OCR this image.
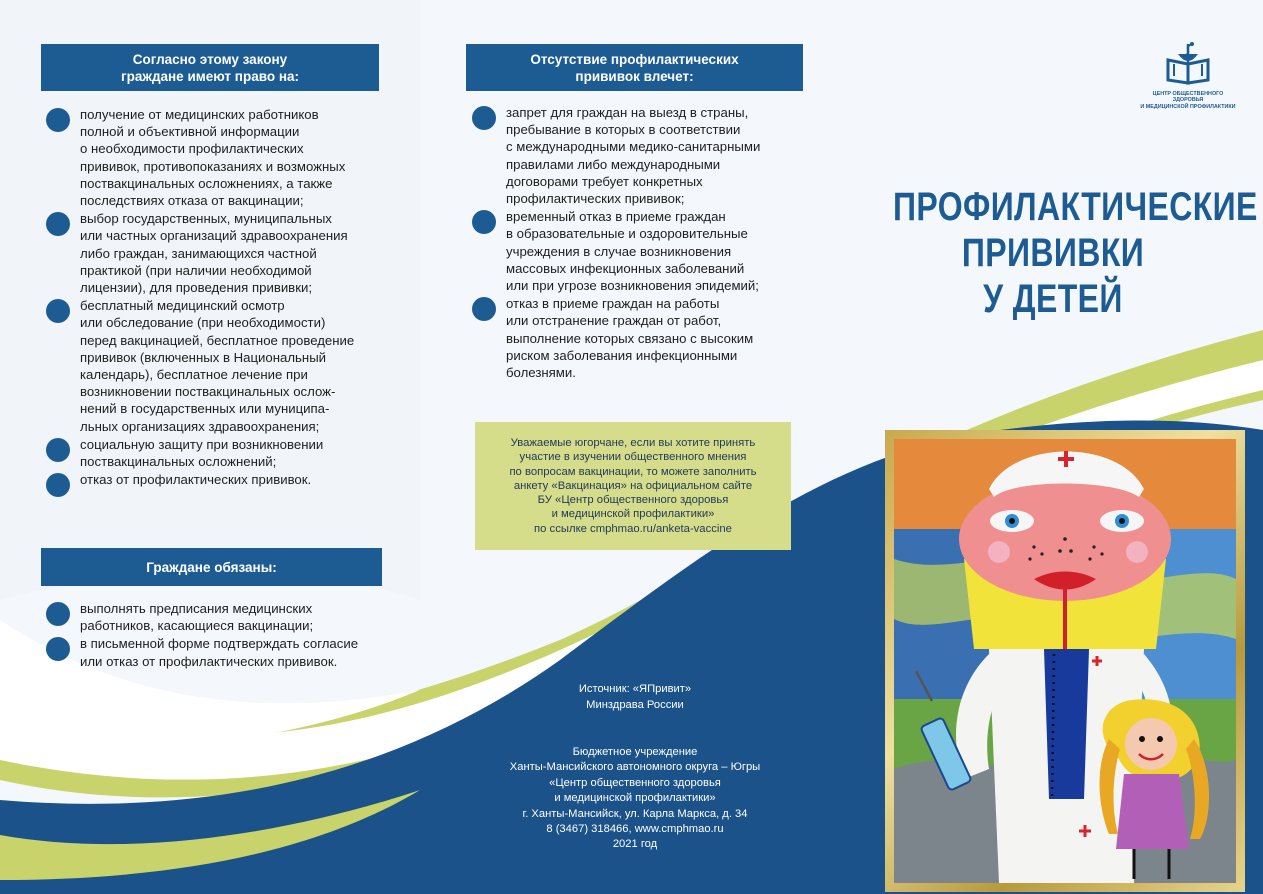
Согласно этому закону
граждане имеют право на:
получение от медицинских работников
полной и объективной информации
о необходимости профилактических
прививок, противопоказаниях и возможных
поствакцинальных осложнениях, а также
последствиях отказа от вакцинации;
выбор государственных, муниципальных
или частных организаций здравоохранения
либо граждан, занимающихся частной
практикой (при наличии необходимой
лицензии), для проведения прививки;
бесплатный медицинский осмотр
или обследование (при необходимости)
перед вакцинацией, бесплатное проведение
прививок (включенных в Национальный
календарь), бесплатное лечение при
возникновении поствакцинальных ослож-
нений в государственных или муниципа-
льных организациях здравоохранения;
социальную защиту при возникновении
поствакцинальных осложнений;
отказ от профилактических прививок.
Граждане обязаны:
выполнять предписания медицинских
работников, касающиеся вакцинации;
в письменной форме подтверждать согласие
или отказ от профилактических прививок.
Отсутствие профилактических
прививок влечет:
запрет для граждан на выезд в страны,
пребывание в которых в соответствии
с международными медико-санитарными
правилами либо международными
договорами требует конкретных
профилактических прививок;
временный отказ в приеме граждан
в образовательные и оздоровительные
учреждения в случае возникновения
массовых инфекционных заболеваний
или при угрозе возникновения эпидемий;
отказ в приеме граждан на работы
или отстранение граждан от работ,
выполнение которых связано с высоким
риском заболевания инфекционными
болезнями.
Уважаемые югорчане, если вы хотите принять
участие в изучении общественного мнения
по вопросам вакцинации, то можете заполнить
анкету «Вакцинация» на официальном сайте
БУ «Центр общественного здоровья
и медицинской профилактики»
по ссылке cmphmao.ru/anketa-vaccine
Источник: «ЯПривит»
Минздрава России
Бюджетное учреждение
Ханты-Мансийского автономного округа – Югры
«Центр общественного здоровья
и медицинской профилактики»
г. Ханты-Мансийск, ул. Карла Маркса, д. 34
8 (3467) 318466, www.cmphmao.ru
2021 год
ЦЕНТР ОБЩЕСТВЕННОГО ЗДОРОВЬЯ
И МЕДИЦИНСКОЙ ПРОФИЛАКТИКИ
ПРОФИЛАКТИЧЕСКИЕ
ПРИВИВКИ
У ДЕТЕЙ
